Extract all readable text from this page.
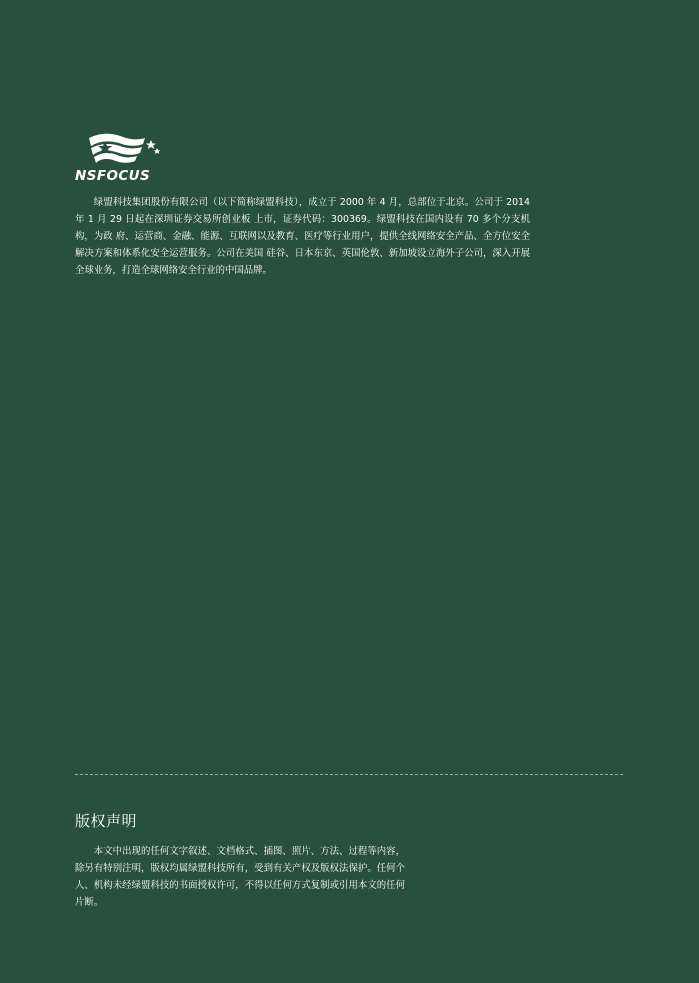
NSFOCUS

绿盟科技集团股份有限公司（以下简称绿盟科技），成立于 2000 年 4 月，总部位于北京。公司于 2014 年 1 月 29 日起在深圳证券交易所创业板 上市，证券代码：300369。绿盟科技在国内设有 70 多个分支机构，为政 府、运营商、金融、能源、互联网以及教育、医疗等行业用户，提供全线网络安全产品、全方位安全解决方案和体系化安全运营服务。公司在美国 硅谷、日本东京、英国伦敦、新加坡设立海外子公司，深入开展全球业务，打造全球网络安全行业的中国品牌。

版权声明

本文中出现的任何文字叙述、文档格式、插图、照片、方法、过程等内容，除另有特别注明，版权均属绿盟科技所有，受到有关产权及版权法保护。任何个人、机构未经绿盟科技的书面授权许可，不得以任何方式复制或引用本文的任何片断。
